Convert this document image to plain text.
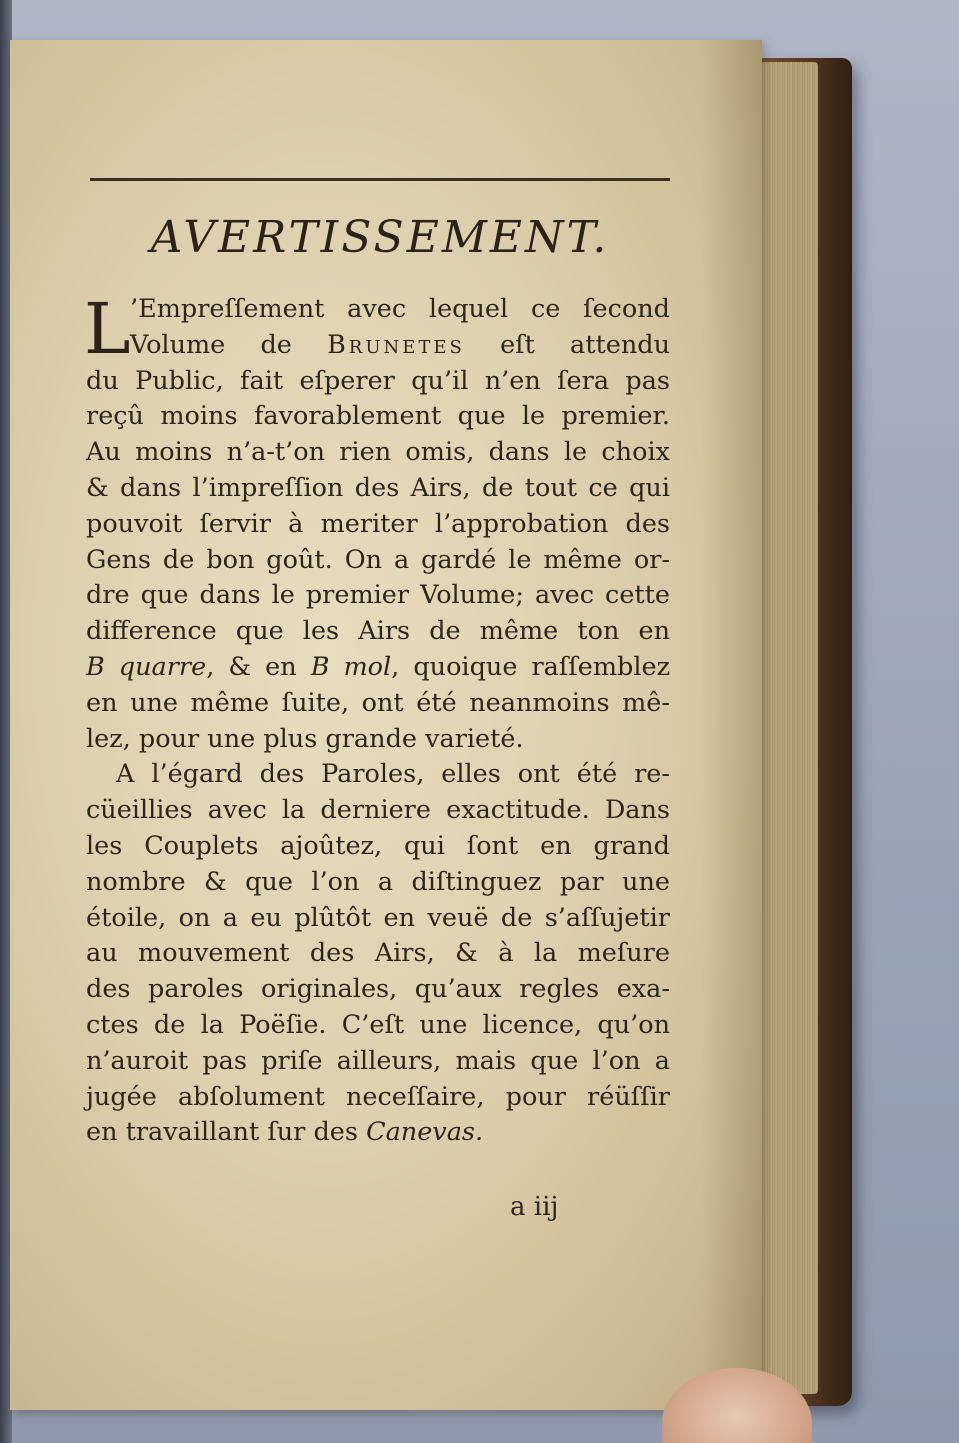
AVERTISSEMENT.
L ’Empreſſement avec lequel ce ſecond
Volume de Brunetes eſt attendu
du Public, fait eſperer qu’il n’en ſera pas
reçû moins favorablement que le premier.
Au moins n’a-t’on rien omis, dans le choix
& dans l’impreſſion des Airs, de tout ce qui
pouvoit ſervir à meriter l’approbation des
Gens de bon goût. On a gardé le même or-
dre que dans le premier Volume; avec cette
difference que les Airs de même ton en
B quarre, & en B mol, quoique raſſemblez
en une même ſuite, ont été neanmoins mê-
lez, pour une plus grande varieté.
A l’égard des Paroles, elles ont été re-
cüeillies avec la derniere exactitude. Dans
les Couplets ajoûtez, qui ſont en grand
nombre & que l’on a diſtinguez par une
étoile, on a eu plûtôt en veuë de s’aſſujetir
au mouvement des Airs, & à la meſure
des paroles originales, qu’aux regles exa-
ctes de la Poëſie. C’eſt une licence, qu’on
n’auroit pas priſe ailleurs, mais que l’on a
jugée abſolument neceſſaire, pour réüſſir
en travaillant ſur des Canevas.
a iij
